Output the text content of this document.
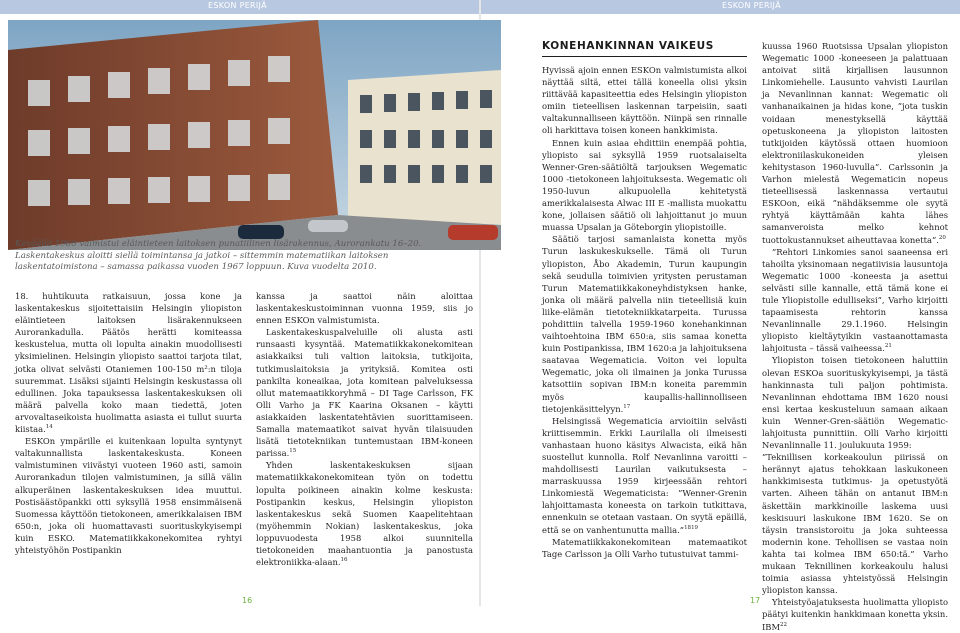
ESKON PERIJÄ	ESKON PERIJÄ
Keväällä 1960 valmistui eläintieteen laitoksen punatiilinen lisärakennus, Aurorankatu 16–20. Laskentakeskus aloitti siellä toimintansa ja jatkoi – sittemmin matematiikan laitoksen laskentatoimistona – samassa paikassa vuoden 1967 loppuun. Kuva vuodelta 2010.

18. huhtikuuta ratkaisuun, jossa kone ja laskentakeskus sijoitettaisiin Helsingin yliopiston eläintieteen laitoksen lisärakennukseen Aurorankadulla. Päätös herätti komiteassa keskustelua, mutta oli lopulta ainakin muodollisesti yksimielinen. Helsingin yliopisto saattoi tarjota tilat, jotka olivat selvästi Otaniemen 100-150 m²:n tiloja suuremmat. Lisäksi sijainti Helsingin keskustassa oli edullinen. Joka tapauksessa laskentakeskuksen oli määrä palvella koko maan tiedettä, joten arvovaltaseikoista huolimatta asiasta ei tullut suurta kiistaa.$^{14}$

ESKOn ympärille ei kuitenkaan lopulta syntynyt valtakunnallista laskentakeskusta. Koneen valmistuminen viivästyi vuoteen 1960 asti, samoin Aurorankadun tilojen valmistuminen, ja sillä välin alkuperäinen laskentakeskuksen idea muuttui. Postisäästöpankki otti syksyllä 1958 ensimmäisenä Suomessa käyttöön tietokoneen, amerikkalaisen IBM 650:n, joka oli huomattavasti suorituskykyisempi kuin ESKO. Matematiikkakonekomitea ryhtyi yhteistyöhön Postipankin

kanssa ja saattoi näin aloittaa laskentakeskustoiminnan vuonna 1959, siis jo ennen ESKOn valmistumista.

Laskentakeskuspalveluille oli alusta asti runsaasti kysyntää. Matematiikkakonekomitean asiakkaiksi tuli valtion laitoksia, tutkijoita, tutkimuslaitoksia ja yrityksiä. Komitea osti pankilta koneaikaa, jota komitean palveluksessa ollut matemaatikkoryhmä – DI Tage Carlsson, FK Olli Varho ja FK Kaarina Oksanen – käytti asiakkaiden laskentatehtävien suorittamiseen. Samalla matemaatikot saivat hyvän tilaisuuden lisätä tietotekniikan tuntemustaan IBM-koneen parissa.$^{15}$

Yhden laskentakeskuksen sijaan matematiikkakonekomitean työn on todettu lopulta poikineen ainakin kolme keskusta: Postipankin keskus, Helsingin yliopiston laskentakeskus sekä Suomen Kaapelitehtaan (myöhemmin Nokian) laskentakeskus, joka loppuvuodesta 1958 alkoi suunnitella tietokoneiden maahantuontia ja panostusta elektroniikka-alaan.$^{16}$

KONEHANKINNAN VAIKEUS

Hyvissä ajoin ennen ESKOn valmistumista alkoi näyttää siltä, ettei tällä koneella olisi yksin riittävää kapasiteettia edes Helsingin yliopiston omiin tieteellisen laskennan tarpeisiin, saati valtakunnalliseen käyttöön. Niinpä sen rinnalle oli harkittava toisen koneen hankkimista.

Ennen kuin asiaa ehdittiin enempää pohtia, yliopisto sai syksyllä 1959 ruotsalaiselta Wenner-Gren-säätiöltä tarjouksen Wegematic 1000 -tietokoneen lahjoituksesta. Wegematic oli 1950-luvun alkupuolella kehitetystä amerikkalaisesta Alwac III E -mallista muokattu kone, jollaisen säätiö oli lahjoittanut jo muun muassa Upsalan ja Göteborgin yliopistoille.

Säätiö tarjosi samanlaista konetta myös Turun laskukeskukselle. Tämä oli Turun yliopiston, Åbo Akademin, Turun kaupungin sekä seudulla toimivien yritysten perustaman Turun Matematiikkakoneyhdistyksen hanke, jonka oli määrä palvella niin tieteellisiä kuin liike-elämän tietotekniikkatarpeita. Turussa pohdittiin talvella 1959-1960 konehankinnan vaihtoehtoina IBM 650:a, siis samaa konetta kuin Postipankissa, IBM 1620:a ja lahjoituksena saatavaa Wegematicia. Voiton vei lopulta Wegematic, joka oli ilmainen ja jonka Turussa katsottiin sopivan IBM:n koneita paremmin myös kaupallis-hallinnolliseen tietojenkäsittelyyn.$^{17}$

Helsingissä Wegematicia arvioitiin selvästi kriittisemmin. Erkki Laurilalla oli ilmeisesti vanhastaan huono käsitys Alwacista, eikä hän suostellut kunnolla. Rolf Nevanlinna varoitti – mahdollisesti Laurilan vaikutuksesta – marraskuussa 1959 kirjeessään rehtori Linkomiestä Wegematicista: ”Wenner-Grenin lahjoittamasta koneesta on tarkoin tutkittava, ennenkuin se otetaan vastaan. On syytä epäillä, että se on vanhentunutta mallia.”$^{1819}$

Matematiikkakonekomitean matemaatikot Tage Carlsson ja Olli Varho tutustuivat tammi-

kuussa 1960 Ruotsissa Upsalan yliopiston Wegematic 1000 -koneeseen ja palattuaan antoivat siitä kirjallisen lausunnon Linkomiehelle. Lausunto vahvisti Laurilan ja Nevanlinnan kannat: Wegematic oli vanhanaikainen ja hidas kone, ”jota tuskin voidaan menestyksellä käyttää opetuskoneena ja yliopiston laitosten tutkijoiden käytössä ottaen huomioon elektroniilaskukoneiden yleisen kehitystason 1960-luvulla”. Carlssonin ja Varhon mielestä Wegematicin nopeus tieteellisessä laskennassa vertautui ESKOon, eikä ”nähdäksemme ole syytä ryhtyä käyttämään kahta lähes samanveroista melko kehnot tuottokustannukset aiheuttavaa konetta”.$^{20}$

”Rehtori Linkomies sanoi saaneensa eri tahoilta yksinomaan negatiivisia lausuntoja Wegematic 1000 -koneesta ja asettui selvästi sille kannalle, että tämä kone ei tule Yliopistolle edulliseksi”, Varho kirjoitti tapaamisesta rehtorin kanssa Nevanlinnalle 29.1.1960. Helsingin yliopisto kieltäytyikin vastaanottamasta lahjoitusta – tässä vaiheessa.$^{21}$

Yliopiston toisen tietokoneen haluttiin olevan ESKOa suorituskykyisempi, ja tästä hankinnasta tuli paljon pohtimista. Nevanlinnan ehdottama IBM 1620 nousi ensi kertaa keskusteluun samaan aikaan kuin Wenner-Gren-säätiön Wegematic-lahjoitusta punnittiin. Olli Varho kirjoitti Nevanlinnalle 11. joulukuuta 1959:

”Teknillisen korkeakoulun piirissä on herännyt ajatus tehokkaan laskukoneen hankkimisesta tutkimus- ja opetustyötä varten. Aiheen tähän on antanut IBM:n äskettäin markkinoille laskema uusi keskisuuri laskukone IBM 1620. Se on täysin transistoroitu ja joka suhteessa modernin kone. Tehollisen se vastaa noin kahta tai kolmea IBM 650:tä.” Varho mukaan Teknillinen korkeakoulu halusi toimia asiassa yhteistyössä Helsingin yliopiston kanssa.

Yhteistyöajatuksesta huolimatta yliopisto päätyi kuitenkin hankkimaan konetta yksin. IBM$^{22}$

16	17
